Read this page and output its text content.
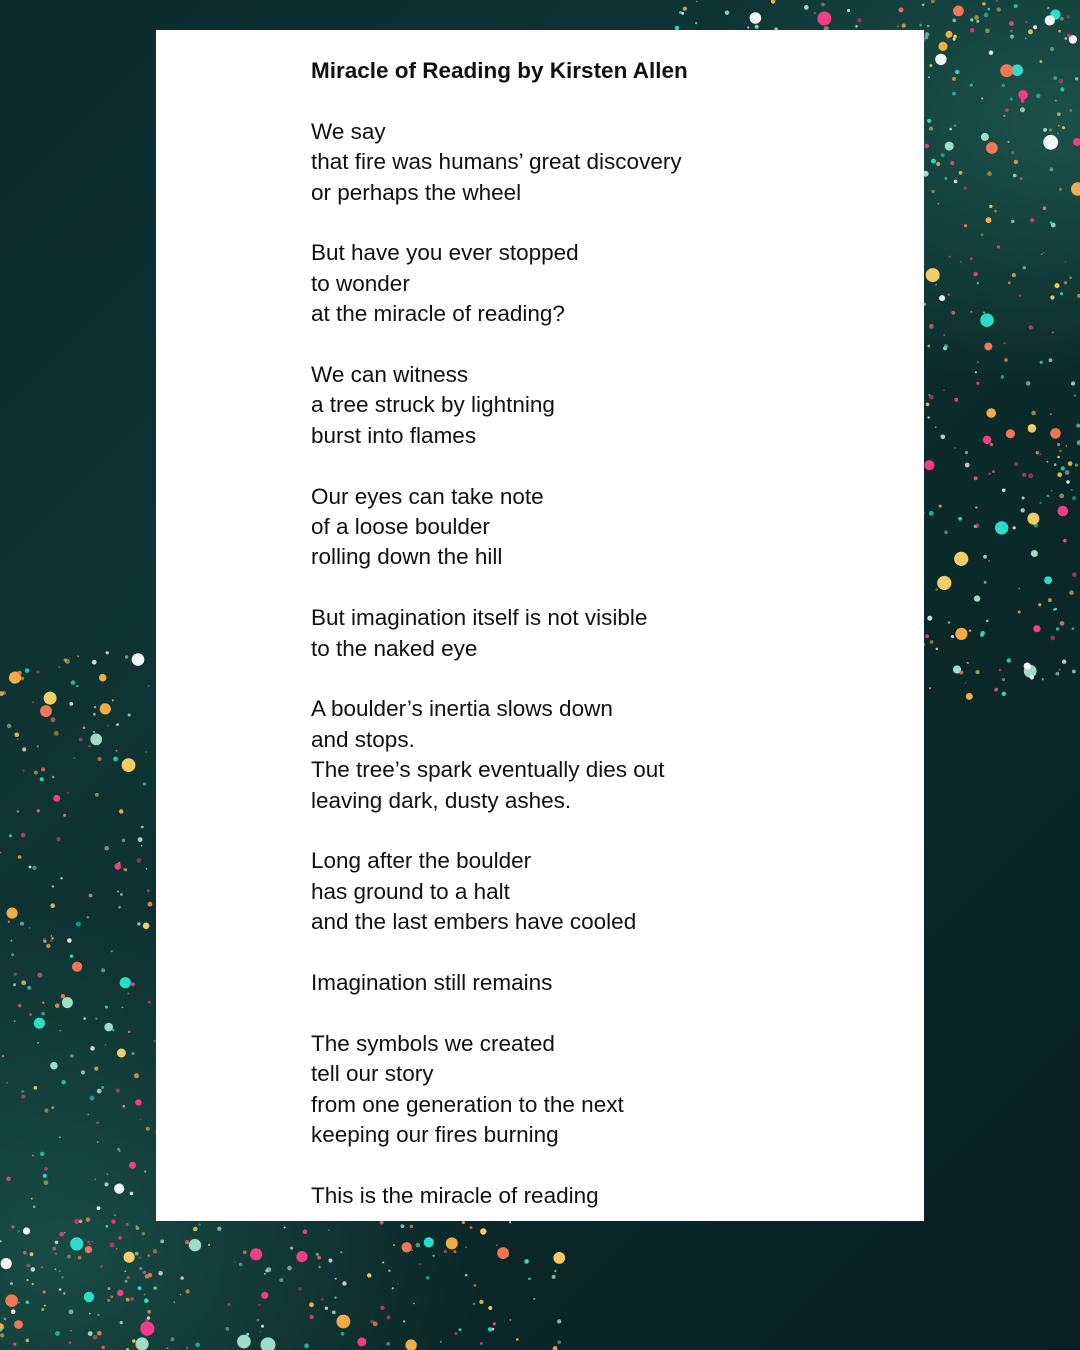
Miracle of Reading by Kirsten Allen
We say
that fire was humans’ great discovery
or perhaps the wheel
But have you ever stopped
to wonder
at the miracle of reading?
We can witness
a tree struck by lightning
burst into flames
Our eyes can take note
of a loose boulder
rolling down the hill
But imagination itself is not visible
to the naked eye
A boulder’s inertia slows down
and stops.
The tree’s spark eventually dies out
leaving dark, dusty ashes.
Long after the boulder
has ground to a halt
and the last embers have cooled
Imagination still remains
The symbols we created
tell our story
from one generation to the next
keeping our fires burning
This is the miracle of reading
